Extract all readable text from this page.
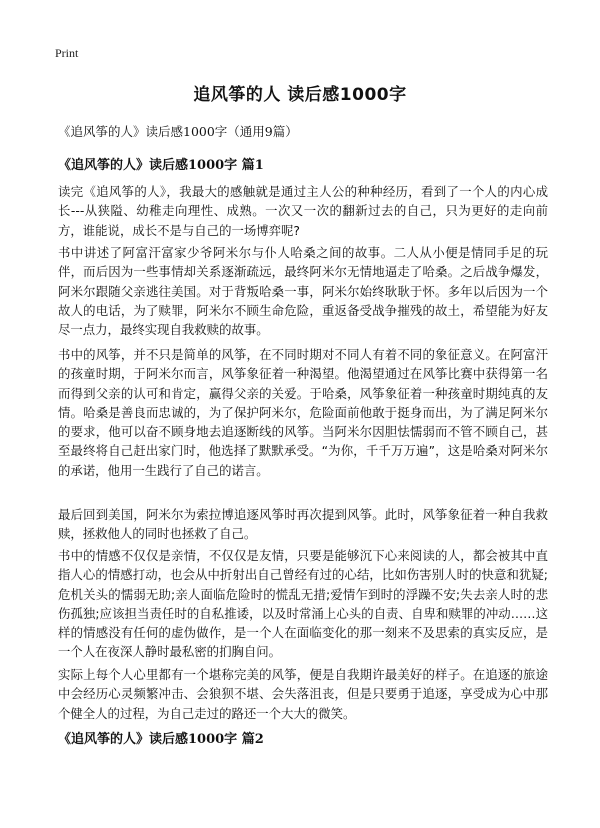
Print
追风筝的人 读后感1000字
《追风筝的人》读后感1000字（通用9篇）
《追风筝的人》读后感1000字 篇1
读完《追风筝的人》，我最大的感触就是通过主人公的种种经历，看到了一个人的内心成长---从狭隘、幼稚走向理性、成熟。一次又一次的翻新过去的自己，只为更好的走向前方，谁能说，成长不是与自己的一场博弈呢?
书中讲述了阿富汗富家少爷阿米尔与仆人哈桑之间的故事。二人从小便是情同手足的玩伴，而后因为一些事情却关系逐渐疏远，最终阿米尔无情地逼走了哈桑。之后战争爆发，阿米尔跟随父亲逃往美国。对于背叛哈桑一事，阿米尔始终耿耿于怀。多年以后因为一个故人的电话，为了赎罪，阿米尔不顾生命危险，重返备受战争摧残的故土，希望能为好友尽一点力，最终实现自我救赎的故事。
书中的风筝，并不只是简单的风筝，在不同时期对不同人有着不同的象征意义。在阿富汗的孩童时期，于阿米尔而言，风筝象征着一种渴望。他渴望通过在风筝比赛中获得第一名而得到父亲的认可和肯定，赢得父亲的关爱。于哈桑，风筝象征着一种孩童时期纯真的友情。哈桑是善良而忠诚的，为了保护阿米尔，危险面前他敢于挺身而出，为了满足阿米尔的要求，他可以奋不顾身地去追逐断线的风筝。当阿米尔因胆怯懦弱而不管不顾自己，甚至最终将自己赶出家门时，他选择了默默承受。“为你，千千万万遍”，这是哈桑对阿米尔的承诺，他用一生践行了自己的诺言。
最后回到美国，阿米尔为索拉博追逐风筝时再次提到风筝。此时，风筝象征着一种自我救赎，拯救他人的同时也拯救了自己。
书中的情感不仅仅是亲情，不仅仅是友情，只要是能够沉下心来阅读的人，都会被其中直指人心的情感打动，也会从中折射出自己曾经有过的心结，比如伤害别人时的快意和犹疑;危机关头的懦弱无助;亲人面临危险时的慌乱无措;爱情乍到时的浮躁不安;失去亲人时的悲伤孤独;应该担当责任时的自私推诿，以及时常涌上心头的自责、自卑和赎罪的冲动……这样的情感没有任何的虚伪做作，是一个人在面临变化的那一刻来不及思索的真实反应，是一个人在夜深人静时最私密的扪胸自问。
实际上每个人心里都有一个堪称完美的风筝，便是自我期许最美好的样子。在追逐的旅途中会经历心灵频繁冲击、会狼狈不堪、会失落沮丧，但是只要勇于追逐，享受成为心中那个健全人的过程，为自己走过的路还一个大大的微笑。
《追风筝的人》读后感1000字 篇2
